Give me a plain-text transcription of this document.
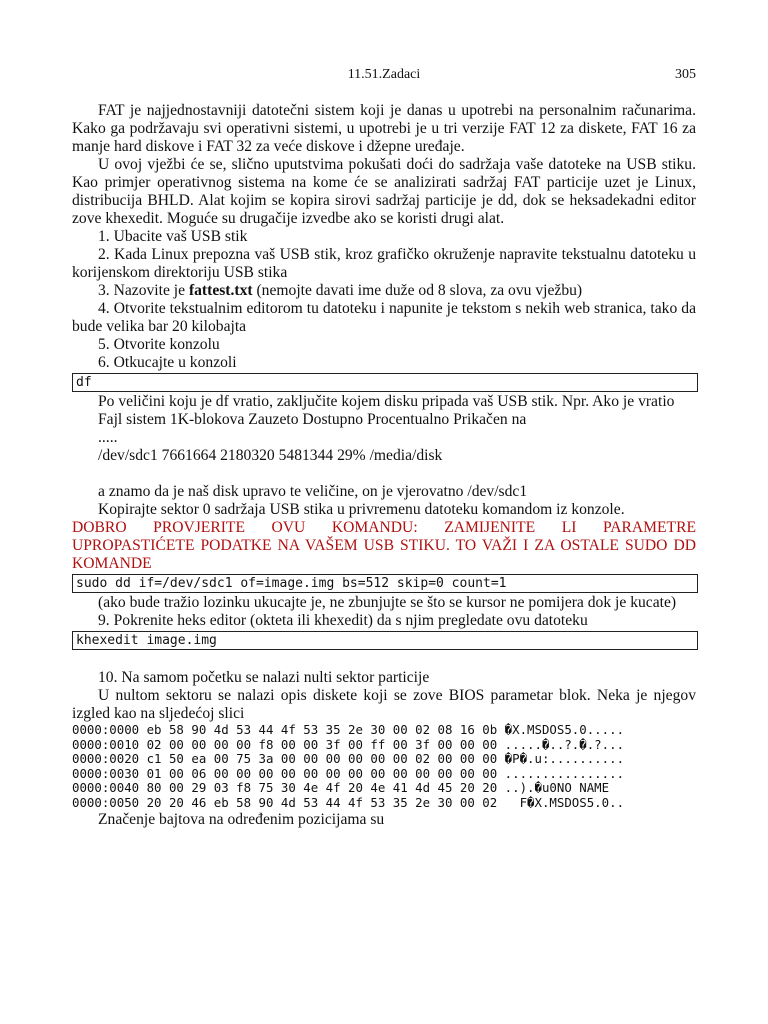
11.51.Zadaci	305

FAT je najjednostavniji datotečni sistem koji je danas u upotrebi na personalnim računarima. Kako ga podržavaju svi operativni sistemi, u upotrebi je u tri verzije FAT 12 za diskete, FAT 16 za manje hard diskove i FAT 32 za veće diskove i džepne uređaje.

U ovoj vježbi će se, slično uputstvima pokušati doći do sadržaja vaše datoteke na USB stiku. Kao primjer operativnog sistema na kome će se analizirati sadržaj FAT particije uzet je Linux, distribucija BHLD. Alat kojim se kopira sirovi sadržaj particije je dd, dok se heksadekadni editor zove khexedit. Moguće su drugačije izvedbe ako se koristi drugi alat.

1. Ubacite vaš USB stik

2. Kada Linux prepozna vaš USB stik, kroz grafičko okruženje napravite tekstualnu datoteku u korijenskom direktoriju USB stika

3. Nazovite je fattest.txt (nemojte davati ime duže od 8 slova, za ovu vježbu)

4. Otvorite tekstualnim editorom tu datoteku i napunite je tekstom s nekih web stranica, tako da bude velika bar 20 kilobajta

5. Otvorite konzolu

6. Otkucajte u konzoli

df

Po veličini koju je df vratio, zaključite kojem disku pripada vaš USB stik. Npr. Ako je vratio

Fajl sistem 1K-blokova Zauzeto Dostupno Procentualno Prikačen na

.....

/dev/sdc1 7661664 2180320 5481344 29% /media/disk

a znamo da je naš disk upravo te veličine, on je vjerovatno /dev/sdc1

Kopirajte sektor 0 sadržaja USB stika u privremenu datoteku komandom iz konzole.

DOBRO PROVJERITE OVU KOMANDU: ZAMIJENITE LI PARAMETRE

UPROPASTIĆETE PODATKE NA VAŠEM USB STIKU. TO VAŽI I ZA OSTALE SUDO DD KOMANDE

sudo dd if=/dev/sdc1 of=image.img bs=512 skip=0 count=1

(ako bude tražio lozinku ukucajte je, ne zbunjujte se što se kursor ne pomijera dok je kucate)

9. Pokrenite heks editor (okteta ili khexedit) da s njim pregledate ovu datoteku

khexedit image.img

10. Na samom početku se nalazi nulti sektor particije

U nultom sektoru se nalazi opis diskete koji se zove BIOS parametar blok. Neka je njegov izgled kao na sljedećoj slici

0000:0000 eb 58 90 4d 53 44 4f 53 35 2e 30 00 02 08 16 0b �X.MSDOS5.0.....
0000:0010 02 00 00 00 00 f8 00 00 3f 00 ff 00 3f 00 00 00 .....�..?.�.?...
0000:0020 c1 50 ea 00 75 3a 00 00 00 00 00 00 02 00 00 00 �P�.u:..........
0000:0030 01 00 06 00 00 00 00 00 00 00 00 00 00 00 00 00 ................
0000:0040 80 00 29 03 f8 75 30 4e 4f 20 4e 41 4d 45 20 20 ..).�u0NO NAME
0000:0050 20 20 46 eb 58 90 4d 53 44 4f 53 35 2e 30 00 02   F�X.MSDOS5.0..

Značenje bajtova na određenim pozicijama su
